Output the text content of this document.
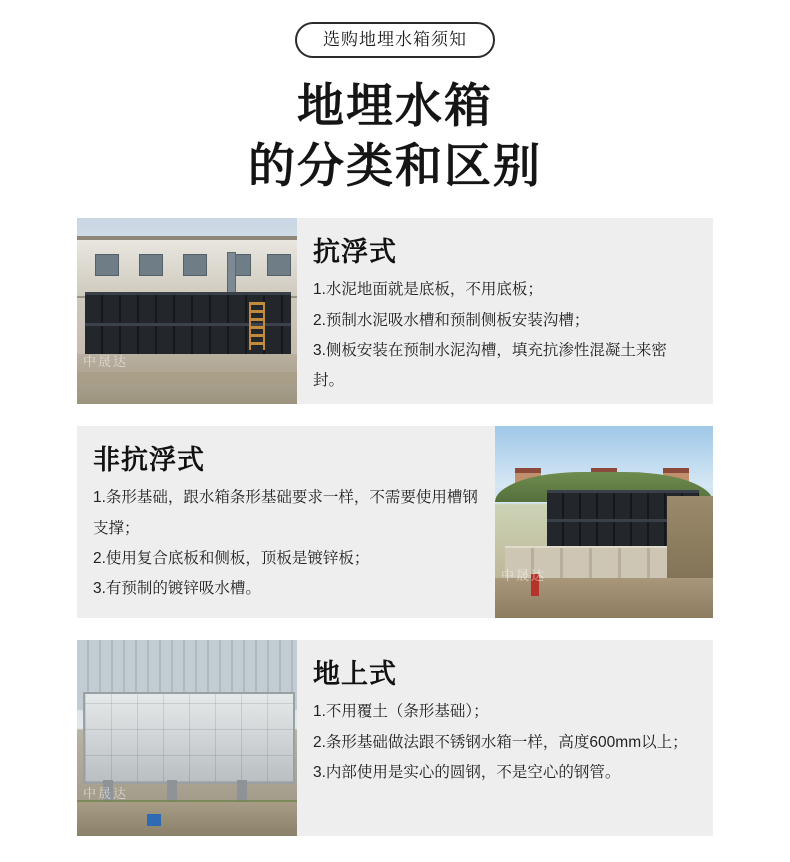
选购地埋水箱须知
地埋水箱
的分类和区别
中晟达
抗浮式
1.水泥地面就是底板，不用底板；
2.预制水泥吸水槽和预制侧板安装沟槽；
3.侧板安装在预制水泥沟槽，填充抗渗性混凝土来密封。
中晟达
非抗浮式
1.条形基础，跟水箱条形基础要求一样，不需要使用槽钢支撑；
2.使用复合底板和侧板，顶板是镀锌板；
3.有预制的镀锌吸水槽。
中晟达
地上式
1.不用覆土（条形基础）；
2.条形基础做法跟不锈钢水箱一样，高度600mm以上；
3.内部使用是实心的圆钢，不是空心的钢管。
